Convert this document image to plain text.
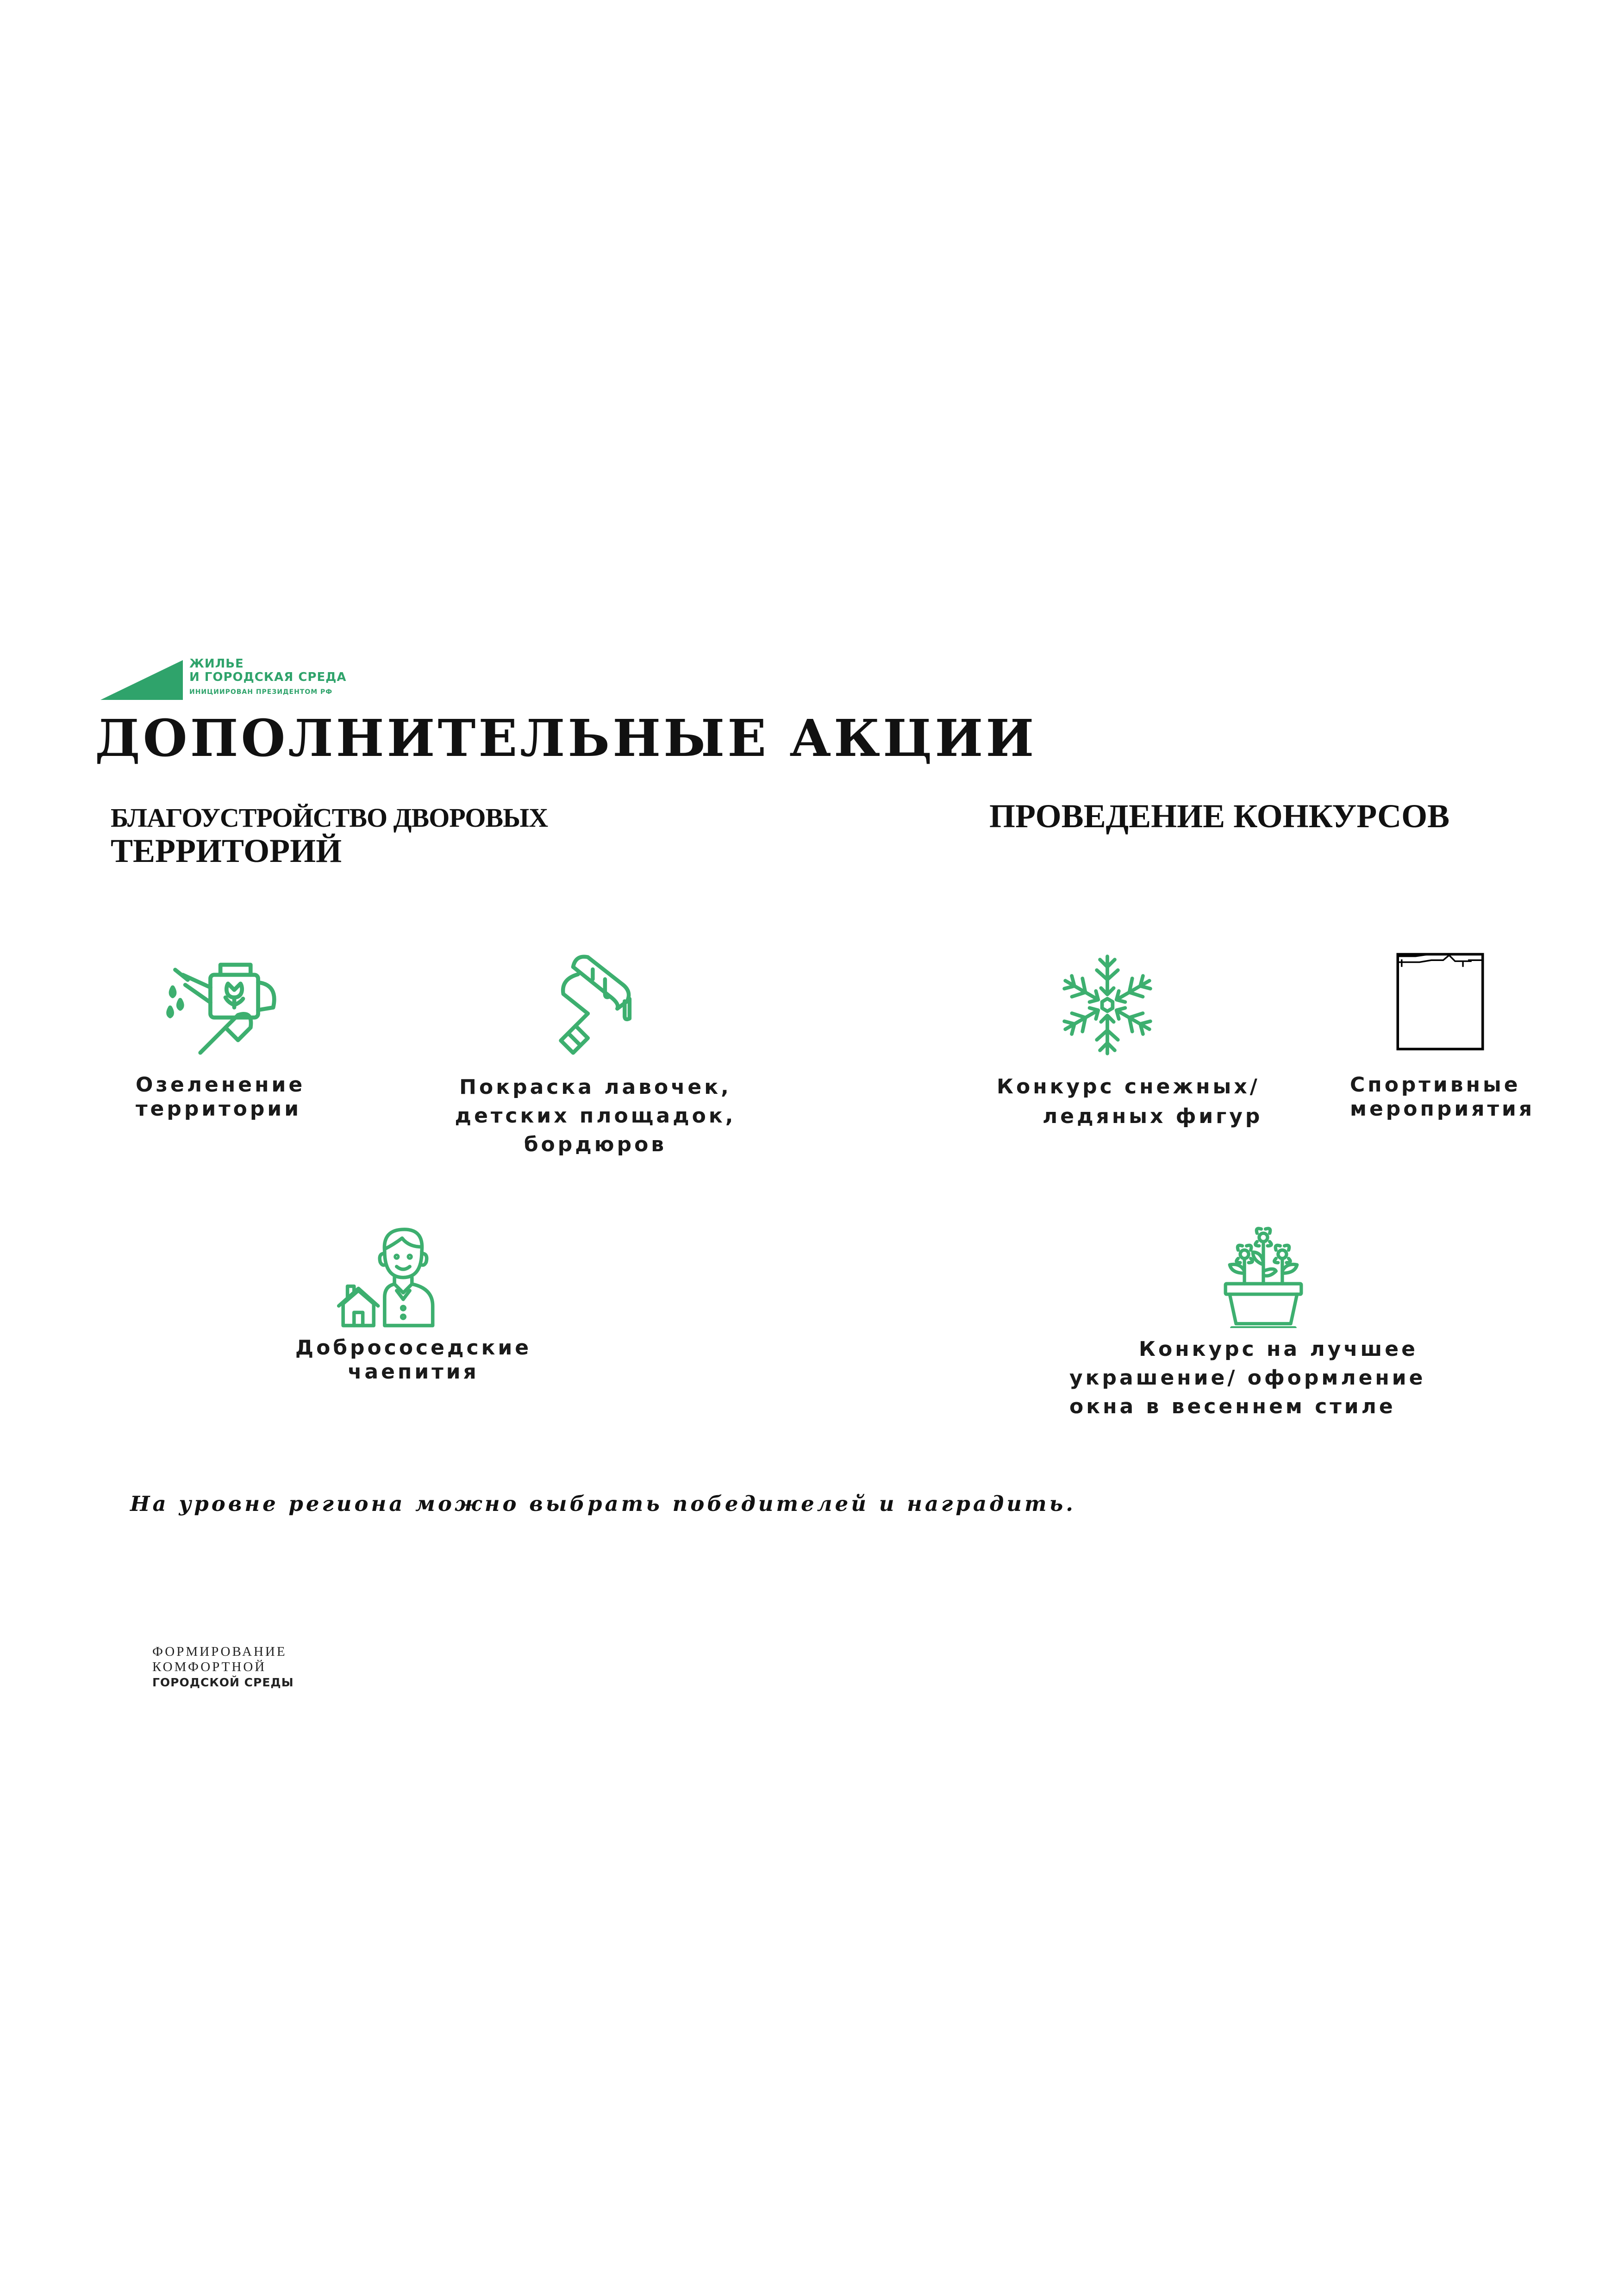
ЖИЛЬЕ
И ГОРОДСКАЯ СРЕДА
ИНИЦИИРОВАН ПРЕЗИДЕНТОМ РФ
ДОПОЛНИТЕЛЬНЫЕ АКЦИИ
БЛАГОУСТРОЙСТВО ДВОРОВЫХ
ТЕРРИТОРИЙ
ПРОВЕДЕНИЕ КОНКУРСОВ
Озеленение
территории
Покраска лавочек,
детских площадок,
бордюров
Конкурс снежных/
ледяных фигур
Спортивные
мероприятия
Добрососедские
чаепития
Конкурс на лучшее
украшение/ оформление
окна в весеннем стиле
На уровне региона можно выбрать победителей и наградить.
ФОРМИРОВАНИЕ
КОМФОРТНОЙ
ГОРОДСКОЙ СРЕДЫ
